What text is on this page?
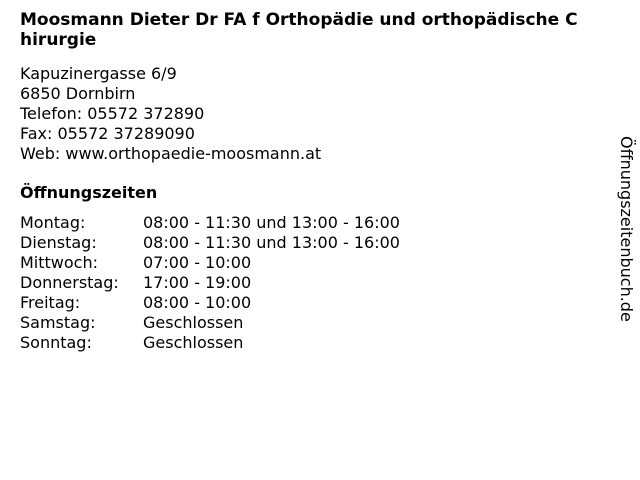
Moosmann Dieter Dr FA f Orthopädie und orthopädische Chirurgie
Kapuzinergasse 6/9
6850 Dornbirn
Telefon: 05572 372890
Fax: 05572 37289090
Web: www.orthopaedie-moosmann.at
Öffnungszeiten
Montag:	08:00 - 11:30 und 13:00 - 16:00
Dienstag:	08:00 - 11:30 und 13:00 - 16:00
Mittwoch:	07:00 - 10:00
Donnerstag:	17:00 - 19:00
Freitag:	08:00 - 10:00
Samstag:	Geschlossen
Sonntag:	Geschlossen
Öffnungszeitenbuch.de
